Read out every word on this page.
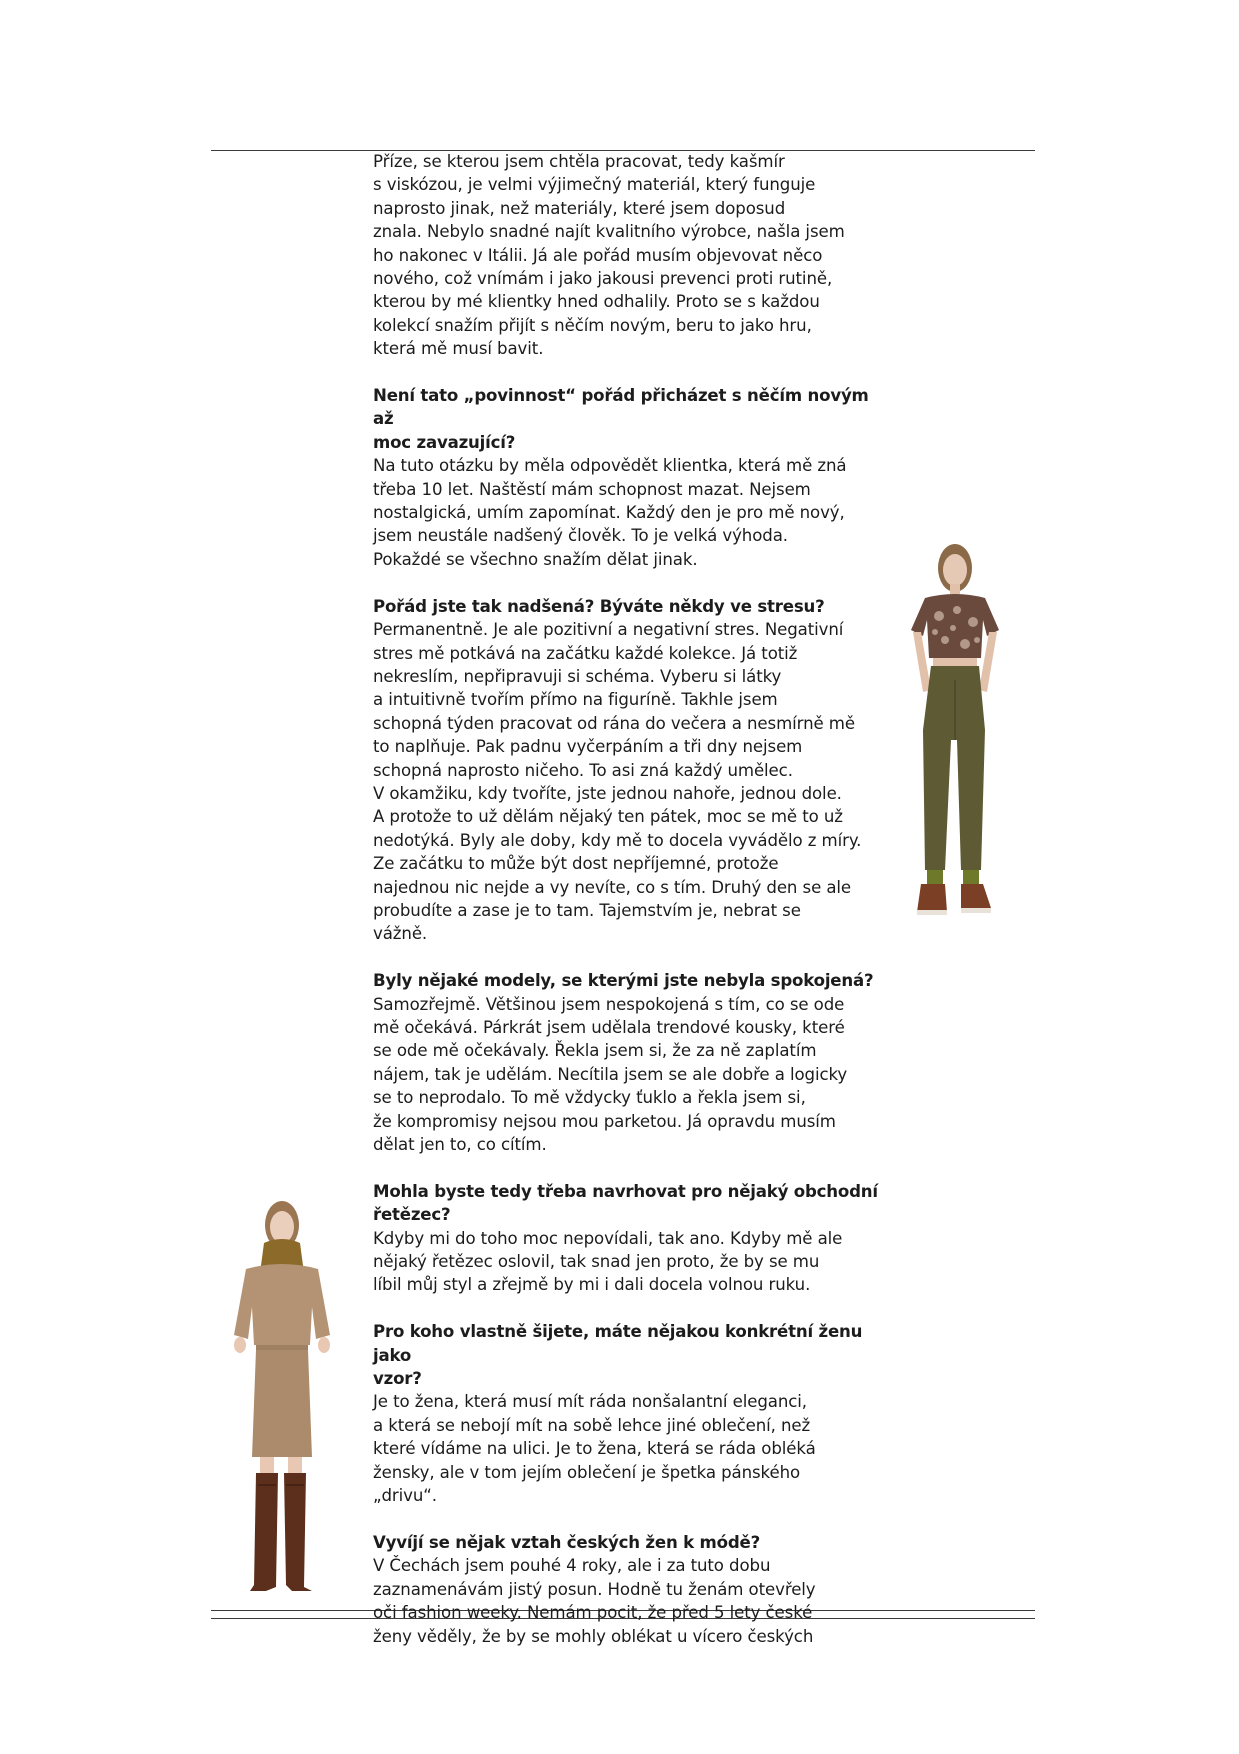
Příze, se kterou jsem chtěla pracovat, tedy kašmír
s viskózou, je velmi výjimečný materiál, který funguje
naprosto jinak, než materiály, které jsem doposud
znala. Nebylo snadné najít kvalitního výrobce, našla jsem
ho nakonec v Itálii. Já ale pořád musím objevovat něco
nového, což vnímám i jako jakousi prevenci proti rutině,
kterou by mé klientky hned odhalily. Proto se s každou
kolekcí snažím přijít s něčím novým, beru to jako hru,
která mě musí bavit.

Není tato „povinnost“ pořád přicházet s něčím novým až
moc zavazující?

Na tuto otázku by měla odpovědět klientka, která mě zná
třeba 10 let. Naštěstí mám schopnost mazat. Nejsem
nostalgická, umím zapomínat. Každý den je pro mě nový,
jsem neustále nadšený člověk. To je velká výhoda.
Pokaždé se všechno snažím dělat jinak.

Pořád jste tak nadšená? Býváte někdy ve stresu?

Permanentně. Je ale pozitivní a negativní stres. Negativní
stres mě potkává na začátku každé kolekce. Já totiž
nekreslím, nepřipravuji si schéma. Vyberu si látky
a intuitivně tvořím přímo na figuríně. Takhle jsem
schopná týden pracovat od rána do večera a nesmírně mě
to naplňuje. Pak padnu vyčerpáním a tři dny nejsem
schopná naprosto ničeho. To asi zná každý umělec.
V okamžiku, kdy tvoříte, jste jednou nahoře, jednou dole.
A protože to už dělám nějaký ten pátek, moc se mě to už
nedotýká. Byly ale doby, kdy mě to docela vyvádělo z míry.
Ze začátku to může být dost nepříjemné, protože
najednou nic nejde a vy nevíte, co s tím. Druhý den se ale
probudíte a zase je to tam. Tajemstvím je, nebrat se
vážně.

Byly nějaké modely, se kterými jste nebyla spokojená?

Samozřejmě. Většinou jsem nespokojená s tím, co se ode
mě očekává. Párkrát jsem udělala trendové kousky, které
se ode mě očekávaly. Řekla jsem si, že za ně zaplatím
nájem, tak je udělám. Necítila jsem se ale dobře a logicky
se to neprodalo. To mě vždycky ťuklo a řekla jsem si,
že kompromisy nejsou mou parketou. Já opravdu musím
dělat jen to, co cítím.

Mohla byste tedy třeba navrhovat pro nějaký obchodní
řetězec?

Kdyby mi do toho moc nepovídali, tak ano. Kdyby mě ale
nějaký řetězec oslovil, tak snad jen proto, že by se mu
líbil můj styl a zřejmě by mi i dali docela volnou ruku.

Pro koho vlastně šijete, máte nějakou konkrétní ženu jako
vzor?

Je to žena, která musí mít ráda nonšalantní eleganci,
a která se nebojí mít na sobě lehce jiné oblečení, než
které vídáme na ulici. Je to žena, která se ráda obléká
žensky, ale v tom jejím oblečení je špetka pánského
„drivu“.

Vyvíjí se nějak vztah českých žen k módě?

V Čechách jsem pouhé 4 roky, ale i za tuto dobu
zaznamenávám jistý posun. Hodně tu ženám otevřely
oči fashion weeky. Nemám pocit, že před 5 lety české
ženy věděly, že by se mohly oblékat u vícero českých
